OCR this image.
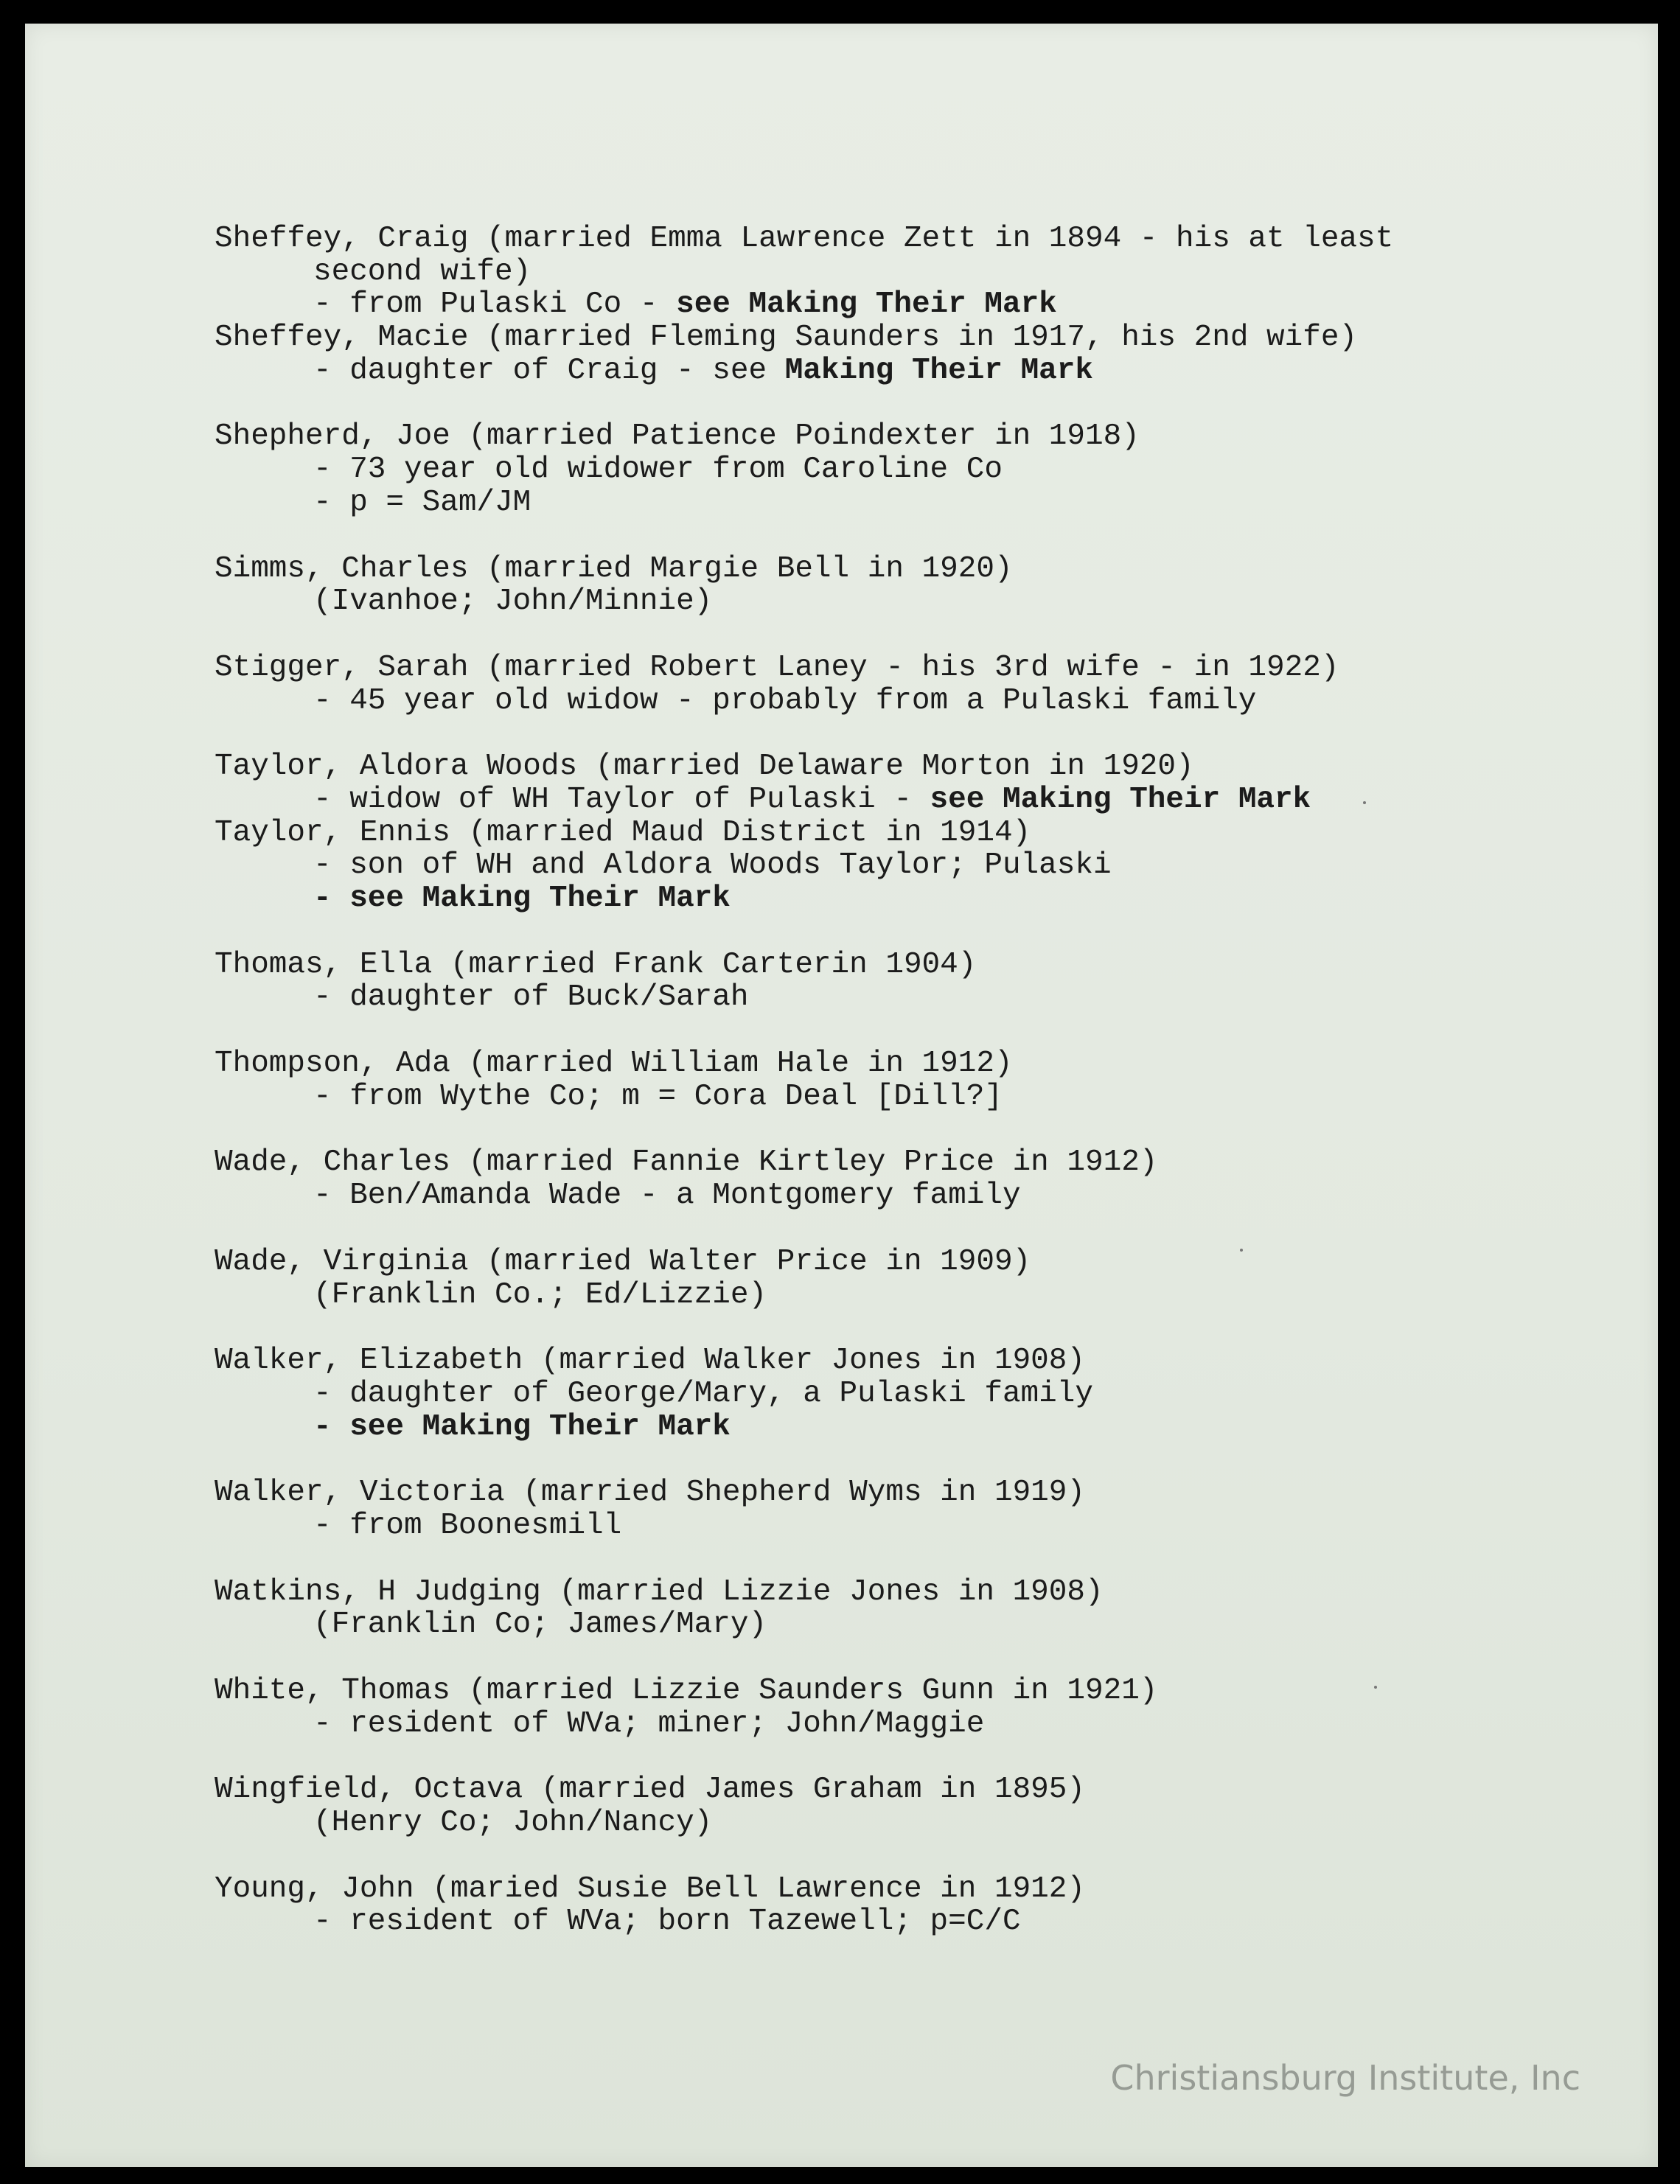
Sheffey, Craig (married Emma Lawrence Zett in 1894 - his at least
second wife)
- from Pulaski Co - see Making Their Mark
Sheffey, Macie (married Fleming Saunders in 1917, his 2nd wife)
- daughter of Craig - see Making Their Mark
Shepherd, Joe (married Patience Poindexter in 1918)
- 73 year old widower from Caroline Co
- p = Sam/JM
Simms, Charles (married Margie Bell in 1920)
(Ivanhoe; John/Minnie)
Stigger, Sarah (married Robert Laney - his 3rd wife - in 1922)
- 45 year old widow - probably from a Pulaski family
Taylor, Aldora Woods (married Delaware Morton in 1920)
- widow of WH Taylor of Pulaski - see Making Their Mark
Taylor, Ennis (married Maud District in 1914)
- son of WH and Aldora Woods Taylor; Pulaski
- see Making Their Mark
Thomas, Ella (married Frank Carterin 1904)
- daughter of Buck/Sarah
Thompson, Ada (married William Hale in 1912)
- from Wythe Co; m = Cora Deal [Dill?]
Wade, Charles (married Fannie Kirtley Price in 1912)
- Ben/Amanda Wade - a Montgomery family
Wade, Virginia (married Walter Price in 1909)
(Franklin Co.; Ed/Lizzie)
Walker, Elizabeth (married Walker Jones in 1908)
- daughter of George/Mary, a Pulaski family
- see Making Their Mark
Walker, Victoria (married Shepherd Wyms in 1919)
- from Boonesmill
Watkins, H Judging (married Lizzie Jones in 1908)
(Franklin Co; James/Mary)
White, Thomas (married Lizzie Saunders Gunn in 1921)
- resident of WVa; miner; John/Maggie
Wingfield, Octava (married James Graham in 1895)
(Henry Co; John/Nancy)
Young, John (maried Susie Bell Lawrence in 1912)
- resident of WVa; born Tazewell; p=C/C
Christiansburg Institute, Inc
